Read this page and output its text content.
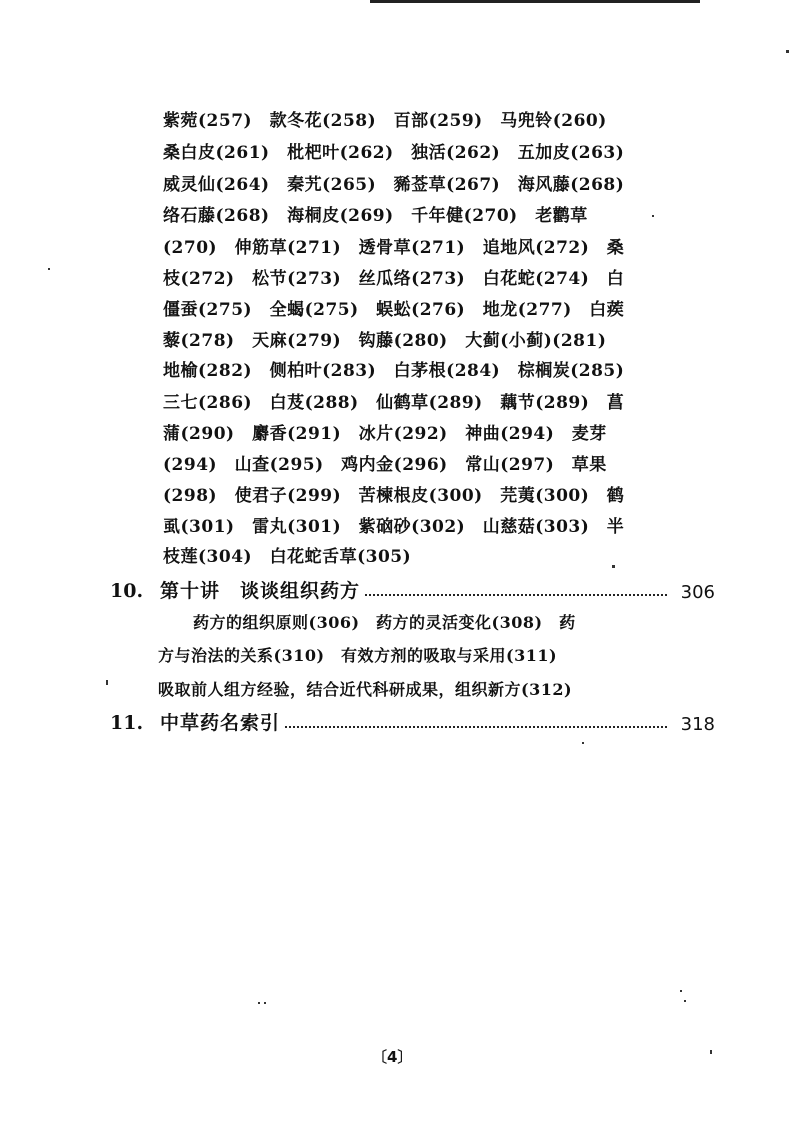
紫菀(257)　款冬花(258)　百部(259)　马兜铃(260)
桑白皮(261)　枇杷叶(262)　独活(262)　五加皮(263)
威灵仙(264)　秦艽(265)　豨莶草(267)　海风藤(268)
络石藤(268)　海桐皮(269)　千年健(270)　老鹳草
(270)　伸筋草(271)　透骨草(271)　追地风(272)　桑
枝(272)　松节(273)　丝瓜络(273)　白花蛇(274)　白
僵蚕(275)　全蝎(275)　蜈蚣(276)　地龙(277)　白蒺
藜(278)　天麻(279)　钩藤(280)　大蓟(小蓟)(281)
地榆(282)　侧柏叶(283)　白茅根(284)　棕榈炭(285)
三七(286)　白芨(288)　仙鹤草(289)　藕节(289)　菖
蒲(290)　麝香(291)　冰片(292)　神曲(294)　麦芽
(294)　山查(295)　鸡内金(296)　常山(297)　草果
(298)　使君子(299)　苦楝根皮(300)　芫荑(300)　鹤
虱(301)　雷丸(301)　紫硇砂(302)　山慈菇(303)　半
枝莲(304)　白花蛇舌草(305)
10. 第十讲　谈谈组织药方	306
药方的组织原则(306)　药方的灵活变化(308)　药
方与治法的关系(310)　有效方剂的吸取与采用(311)
吸取前人组方经验，结合近代科研成果，组织新方(312)
11. 中草药名索引	318
〔4〕
